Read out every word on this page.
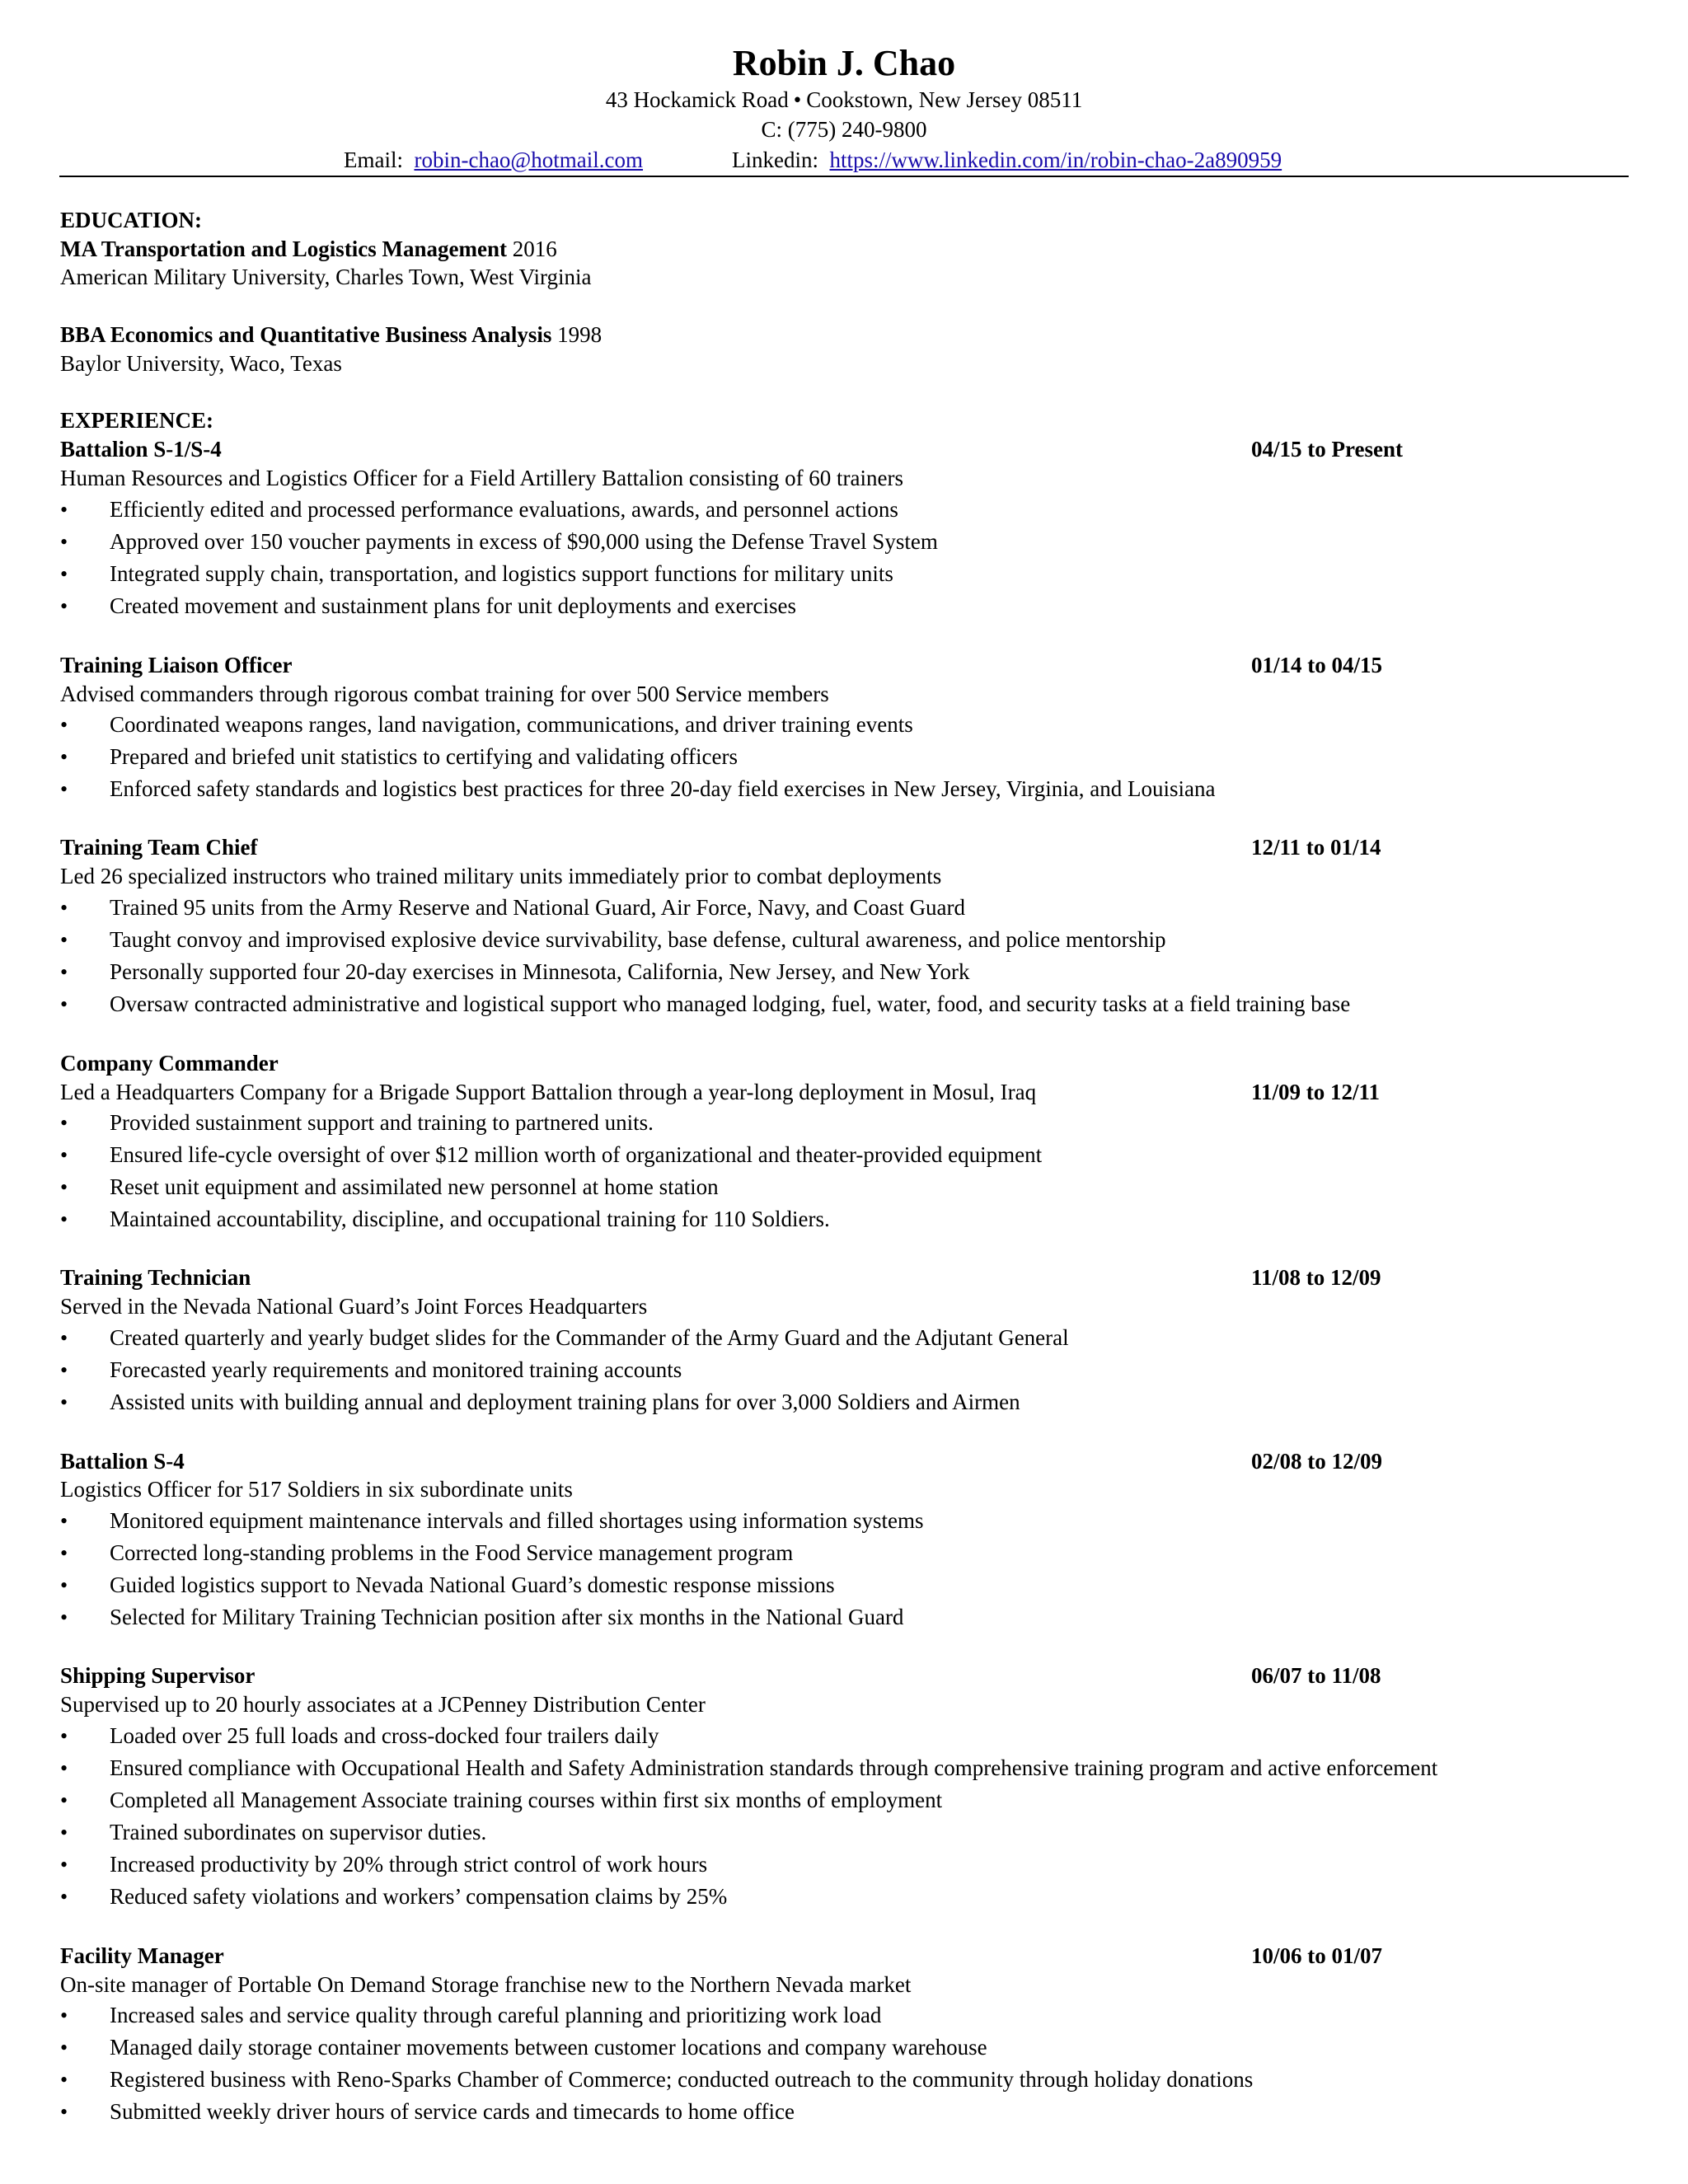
Robin J. Chao
43 Hockamick Road • Cookstown, New Jersey 08511
C: (775) 240-9800
Email: robin-chao@hotmail.com	Linkedin: https://www.linkedin.com/in/robin-chao-2a890959
EDUCATION:
MA Transportation and Logistics Management 2016
American Military University, Charles Town, West Virginia
BBA Economics and Quantitative Business Analysis 1998
Baylor University, Waco, Texas
EXPERIENCE:
Battalion S-1/S-4	04/15 to Present
Human Resources and Logistics Officer for a Field Artillery Battalion consisting of 60 trainers
• Efficiently edited and processed performance evaluations, awards, and personnel actions
• Approved over 150 voucher payments in excess of $90,000 using the Defense Travel System
• Integrated supply chain, transportation, and logistics support functions for military units
• Created movement and sustainment plans for unit deployments and exercises
Training Liaison Officer	01/14 to 04/15
Advised commanders through rigorous combat training for over 500 Service members
• Coordinated weapons ranges, land navigation, communications, and driver training events
• Prepared and briefed unit statistics to certifying and validating officers
• Enforced safety standards and logistics best practices for three 20-day field exercises in New Jersey, Virginia, and Louisiana
Training Team Chief	12/11 to 01/14
Led 26 specialized instructors who trained military units immediately prior to combat deployments
• Trained 95 units from the Army Reserve and National Guard, Air Force, Navy, and Coast Guard
• Taught convoy and improvised explosive device survivability, base defense, cultural awareness, and police mentorship
• Personally supported four 20-day exercises in Minnesota, California, New Jersey, and New York
• Oversaw contracted administrative and logistical support who managed lodging, fuel, water, food, and security tasks at a field training base
Company Commander
Led a Headquarters Company for a Brigade Support Battalion through a year-long deployment in Mosul, Iraq	11/09 to 12/11
• Provided sustainment support and training to partnered units.
• Ensured life-cycle oversight of over $12 million worth of organizational and theater-provided equipment
• Reset unit equipment and assimilated new personnel at home station
• Maintained accountability, discipline, and occupational training for 110 Soldiers.
Training Technician	11/08 to 12/09
Served in the Nevada National Guard’s Joint Forces Headquarters
• Created quarterly and yearly budget slides for the Commander of the Army Guard and the Adjutant General
• Forecasted yearly requirements and monitored training accounts
• Assisted units with building annual and deployment training plans for over 3,000 Soldiers and Airmen
Battalion S-4	02/08 to 12/09
Logistics Officer for 517 Soldiers in six subordinate units
• Monitored equipment maintenance intervals and filled shortages using information systems
• Corrected long-standing problems in the Food Service management program
• Guided logistics support to Nevada National Guard’s domestic response missions
• Selected for Military Training Technician position after six months in the National Guard
Shipping Supervisor	06/07 to 11/08
Supervised up to 20 hourly associates at a JCPenney Distribution Center
• Loaded over 25 full loads and cross-docked four trailers daily
• Ensured compliance with Occupational Health and Safety Administration standards through comprehensive training program and active enforcement
• Completed all Management Associate training courses within first six months of employment
• Trained subordinates on supervisor duties.
• Increased productivity by 20% through strict control of work hours
• Reduced safety violations and workers’ compensation claims by 25%
Facility Manager	10/06 to 01/07
On-site manager of Portable On Demand Storage franchise new to the Northern Nevada market
• Increased sales and service quality through careful planning and prioritizing work load
• Managed daily storage container movements between customer locations and company warehouse
• Registered business with Reno-Sparks Chamber of Commerce; conducted outreach to the community through holiday donations
• Submitted weekly driver hours of service cards and timecards to home office
